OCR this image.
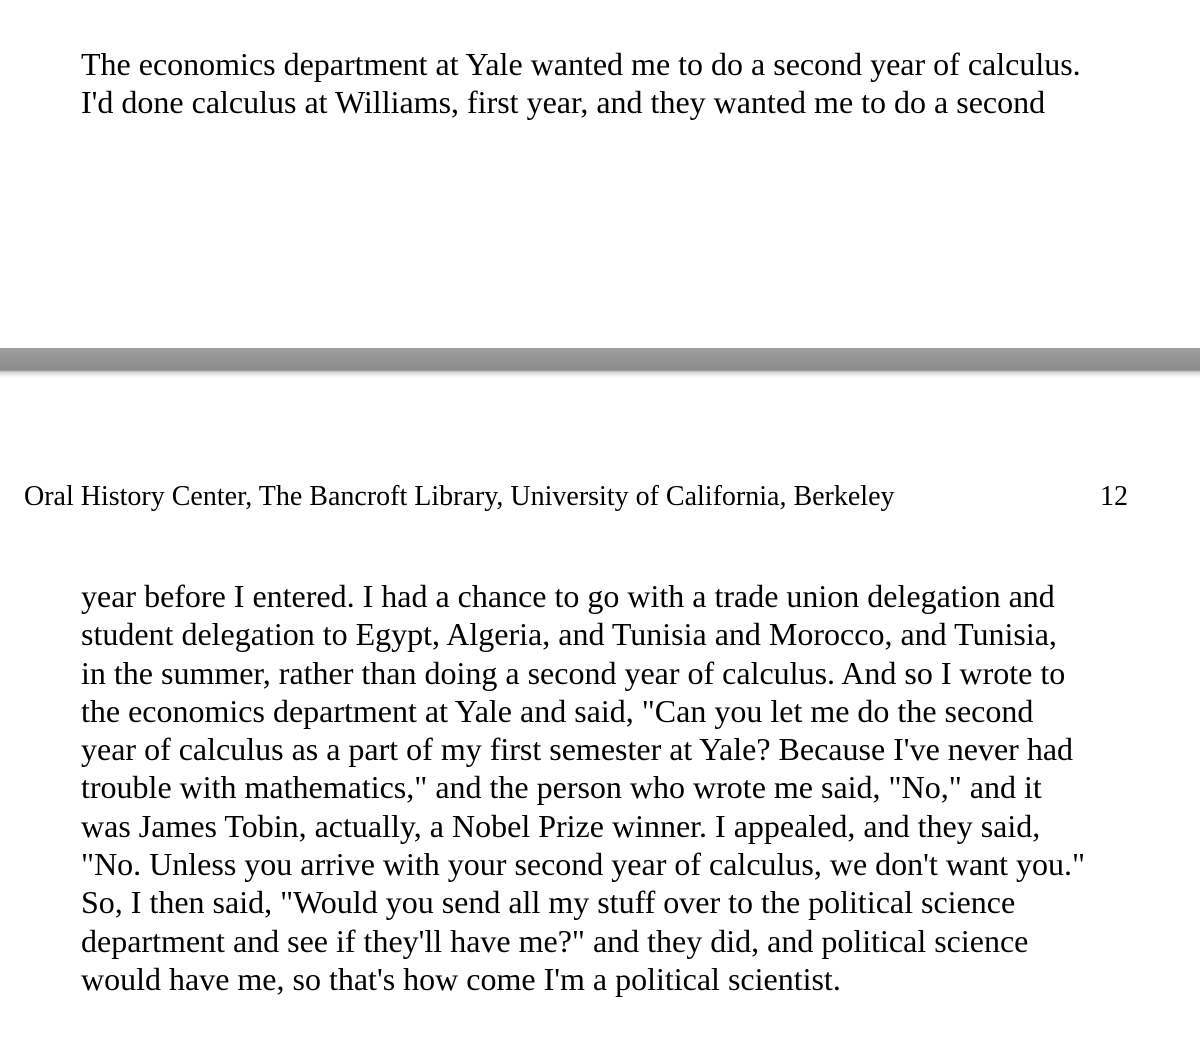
The economics department at Yale wanted me to do a second year of calculus.
I'd done calculus at Williams, first year, and they wanted me to do a second

Oral History Center, The Bancroft Library, University of California, Berkeley	12

year before I entered. I had a chance to go with a trade union delegation and
student delegation to Egypt, Algeria, and Tunisia and Morocco, and Tunisia,
in the summer, rather than doing a second year of calculus. And so I wrote to
the economics department at Yale and said, "Can you let me do the second
year of calculus as a part of my first semester at Yale? Because I've never had
trouble with mathematics," and the person who wrote me said, "No," and it
was James Tobin, actually, a Nobel Prize winner. I appealed, and they said,
"No. Unless you arrive with your second year of calculus, we don't want you."
So, I then said, "Would you send all my stuff over to the political science
department and see if they'll have me?" and they did, and political science
would have me, so that's how come I'm a political scientist.
